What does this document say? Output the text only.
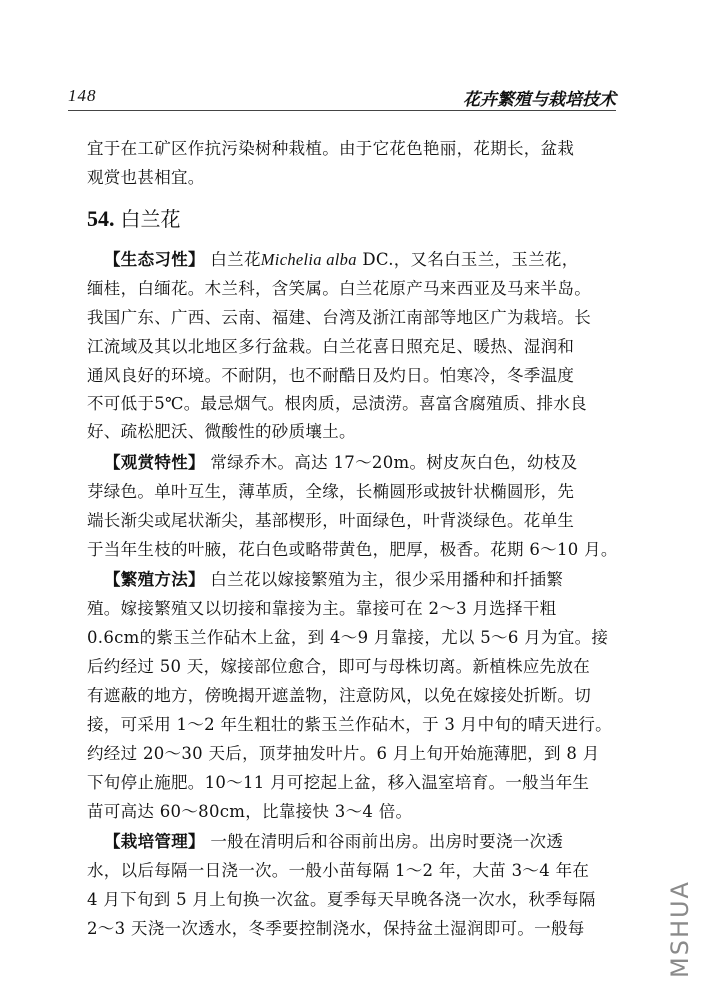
148	花卉繁殖与栽培技术
宜于在工矿区作抗污染树种栽植。由于它花色艳丽，花期长，盆栽
观赏也甚相宜。
54. 白兰花
【生态习性】 白兰花Michelia alba DC.，又名白玉兰，玉兰花，
缅桂，白缅花。木兰科，含笑属。白兰花原产马来西亚及马来半岛。
我国广东、广西、云南、福建、台湾及浙江南部等地区广为栽培。长
江流域及其以北地区多行盆栽。白兰花喜日照充足、暖热、湿润和
通风良好的环境。不耐阴，也不耐酷日及灼日。怕寒冷，冬季温度
不可低于5℃。最忌烟气。根肉质，忌渍涝。喜富含腐殖质、排水良
好、疏松肥沃、微酸性的砂质壤土。
【观赏特性】 常绿乔木。高达 17～20m。树皮灰白色，幼枝及
芽绿色。单叶互生，薄革质，全缘，长椭圆形或披针状椭圆形，先
端长渐尖或尾状渐尖，基部楔形，叶面绿色，叶背淡绿色。花单生
于当年生枝的叶腋，花白色或略带黄色，肥厚，极香。花期 6～10 月。
【繁殖方法】 白兰花以嫁接繁殖为主，很少采用播种和扦插繁
殖。嫁接繁殖又以切接和靠接为主。靠接可在 2～3 月选择干粗
0.6cm的紫玉兰作砧木上盆，到 4～9 月靠接，尤以 5～6 月为宜。接
后约经过 50 天，嫁接部位愈合，即可与母株切离。新植株应先放在
有遮蔽的地方，傍晚揭开遮盖物，注意防风，以免在嫁接处折断。切
接，可采用 1～2 年生粗壮的紫玉兰作砧木，于 3 月中旬的晴天进行。
约经过 20～30 天后，顶芽抽发叶片。6 月上旬开始施薄肥，到 8 月
下旬停止施肥。10～11 月可挖起上盆，移入温室培育。一般当年生
苗可高达 60～80cm，比靠接快 3～4 倍。
【栽培管理】 一般在清明后和谷雨前出房。出房时要浇一次透
水，以后每隔一日浇一次。一般小苗每隔 1～2 年，大苗 3～4 年在
4 月下旬到 5 月上旬换一次盆。夏季每天早晚各浇一次水，秋季每隔
2～3 天浇一次透水，冬季要控制浇水，保持盆土湿润即可。一般每	MSHUA
